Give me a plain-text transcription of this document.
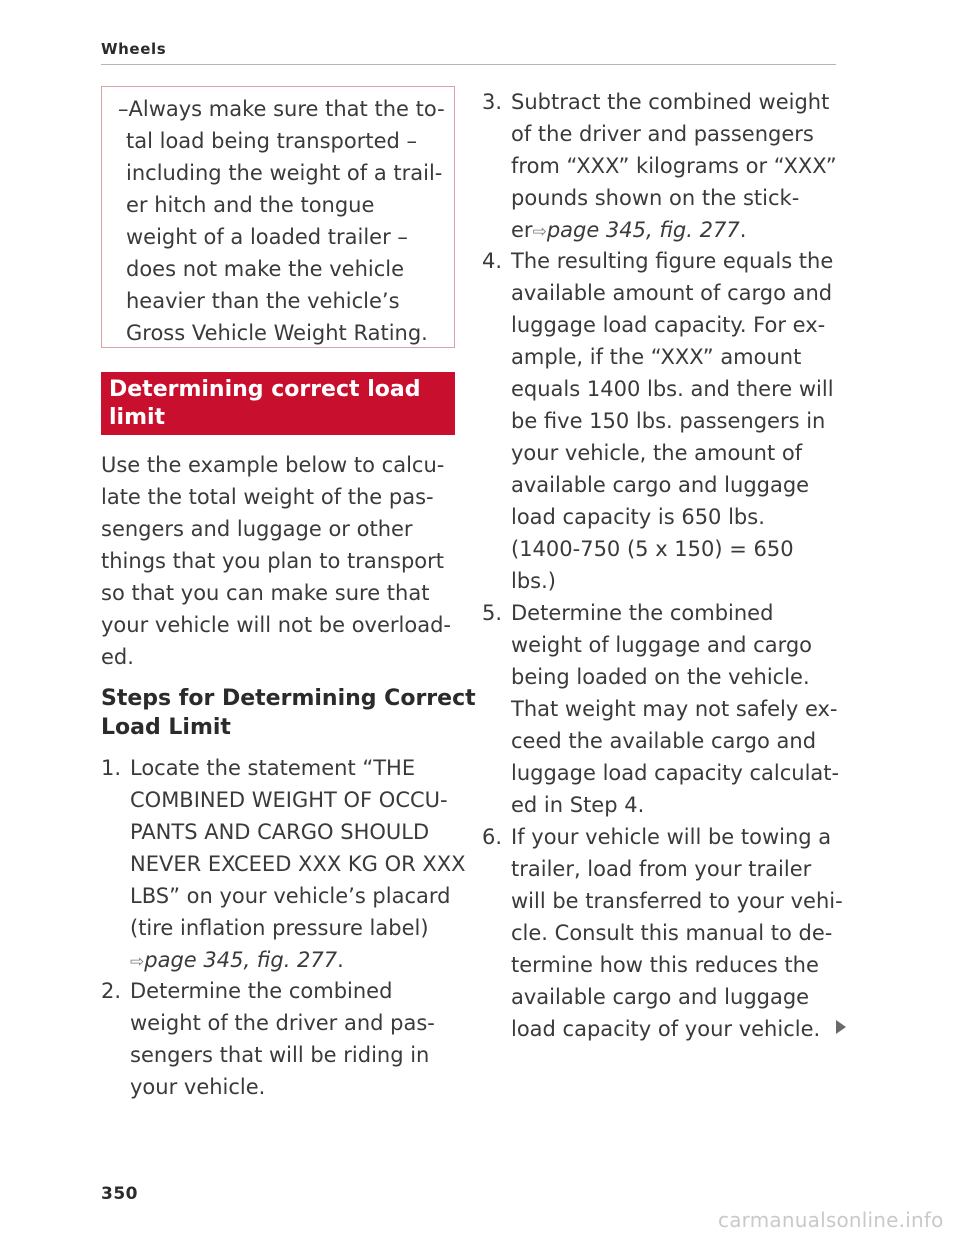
Wheels
–Always make sure that the to-
tal load being transported –
including the weight of a trail-
er hitch and the tongue
weight of a loaded trailer –
does not make the vehicle
heavier than the vehicle’s
Gross Vehicle Weight Rating.
Determining correct load
limit
Use the example below to calcu-
late the total weight of the pas-
sengers and luggage or other
things that you plan to transport
so that you can make sure that
your vehicle will not be overload-
ed.
Steps for Determining Correct
Load Limit
1. Locate the statement “THE
COMBINED WEIGHT OF OCCU-
PANTS AND CARGO SHOULD
NEVER EXCEED XXX KG OR XXX
LBS” on your vehicle’s placard
(tire inflation pressure label)
⇨page 345, fig. 277.
2. Determine the combined
weight of the driver and pas-
sengers that will be riding in
your vehicle.
3. Subtract the combined weight
of the driver and passengers
from “XXX” kilograms or “XXX”
pounds shown on the stick-
er⇨page 345, fig. 277.
4. The resulting figure equals the
available amount of cargo and
luggage load capacity. For ex-
ample, if the “XXX” amount
equals 1400 lbs. and there will
be five 150 lbs. passengers in
your vehicle, the amount of
available cargo and luggage
load capacity is 650 lbs.
(1400-750 (5 x 150) = 650
lbs.)
5. Determine the combined
weight of luggage and cargo
being loaded on the vehicle.
That weight may not safely ex-
ceed the available cargo and
luggage load capacity calculat-
ed in Step 4.
6. If your vehicle will be towing a
trailer, load from your trailer
will be transferred to your vehi-
cle. Consult this manual to de-
termine how this reduces the
available cargo and luggage
load capacity of your vehicle.
350
carmanualsonline.info
